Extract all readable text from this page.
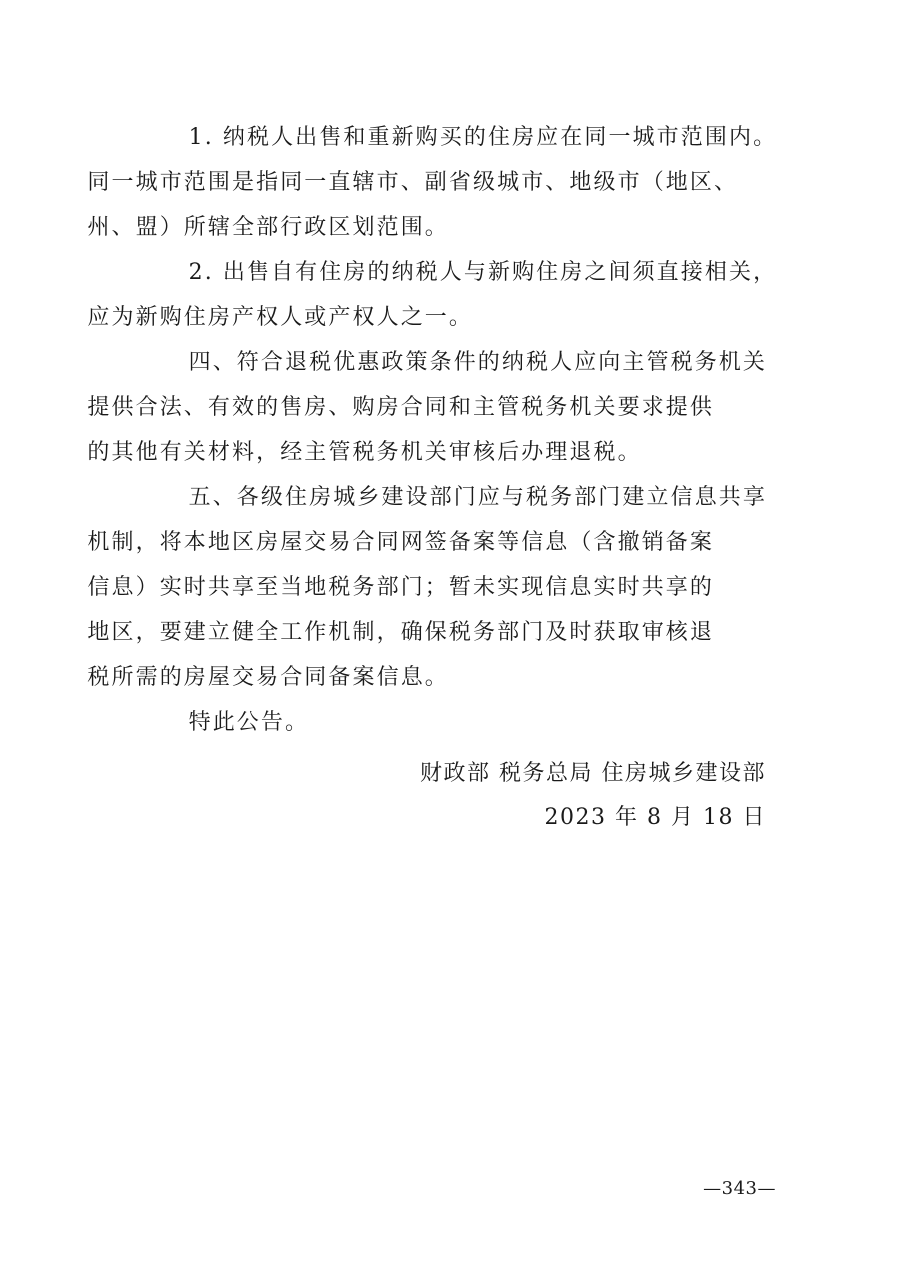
1. 纳税人出售和重新购买的住房应在同一城市范围内。
同一城市范围是指同一直辖市、副省级城市、地级市（地区、
州、盟）所辖全部行政区划范围。

2. 出售自有住房的纳税人与新购住房之间须直接相关，
应为新购住房产权人或产权人之一。

四、符合退税优惠政策条件的纳税人应向主管税务机关
提供合法、有效的售房、购房合同和主管税务机关要求提供
的其他有关材料，经主管税务机关审核后办理退税。

五、各级住房城乡建设部门应与税务部门建立信息共享
机制，将本地区房屋交易合同网签备案等信息（含撤销备案
信息）实时共享至当地税务部门；暂未实现信息实时共享的
地区，要建立健全工作机制，确保税务部门及时获取审核退
税所需的房屋交易合同备案信息。

特此公告。

财政部 税务总局 住房城乡建设部
2023 年 8 月 18 日
—343—
